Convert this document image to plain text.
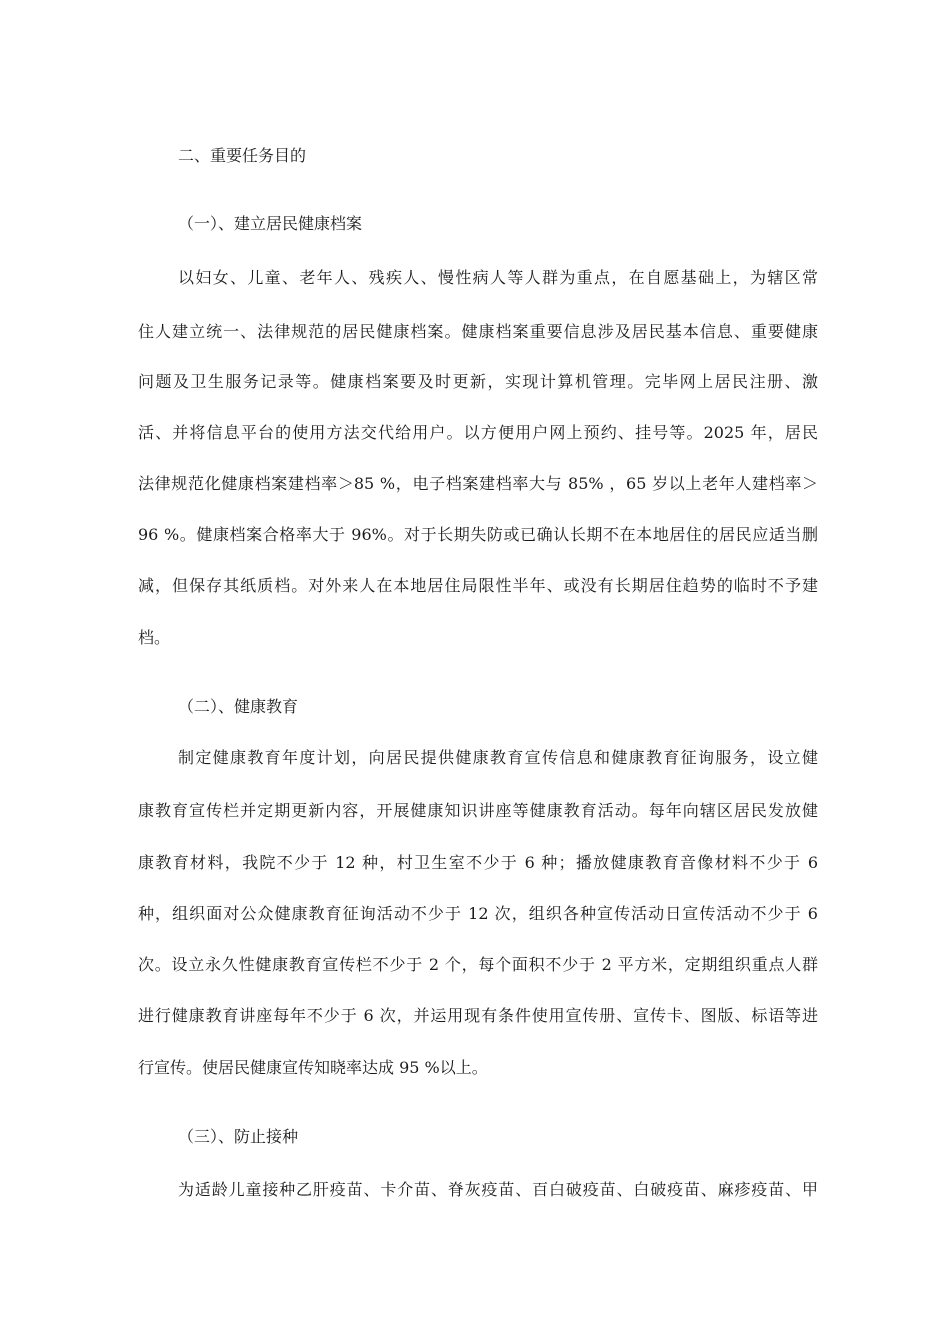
二、重要任务目的
（一）、建立居民健康档案
以妇女、儿童、老年人、残疾人、慢性病人等人群为重点，在自愿基础上，为辖区常
住人建立统一、法律规范的居民健康档案。健康档案重要信息涉及居民基本信息、重要健康
问题及卫生服务记录等。健康档案要及时更新，实现计算机管理。完毕网上居民注册、激
活、并将信息平台的使用方法交代给用户。以方便用户网上预约、挂号等。2025 年，居民
法律规范化健康档案建档率＞85 %，电子档案建档率大与 85% ，65 岁以上老年人建档率＞
96 %。健康档案合格率大于 96%。对于长期失防或已确认长期不在本地居住的居民应适当删
减，但保存其纸质档。对外来人在本地居住局限性半年、或没有长期居住趋势的临时不予建
档。
（二）、健康教育
制定健康教育年度计划，向居民提供健康教育宣传信息和健康教育征询服务，设立健
康教育宣传栏并定期更新内容，开展健康知识讲座等健康教育活动。每年向辖区居民发放健
康教育材料，我院不少于 12 种，村卫生室不少于 6 种；播放健康教育音像材料不少于 6
种，组织面对公众健康教育征询活动不少于 12 次，组织各种宣传活动日宣传活动不少于 6
次。设立永久性健康教育宣传栏不少于 2 个，每个面积不少于 2 平方米，定期组织重点人群
进行健康教育讲座每年不少于 6 次，并运用现有条件使用宣传册、宣传卡、图版、标语等进
行宣传。使居民健康宣传知晓率达成 95 %以上。
（三）、防止接种
为适龄儿童接种乙肝疫苗、卡介苗、脊灰疫苗、百白破疫苗、白破疫苗、麻疹疫苗、甲
